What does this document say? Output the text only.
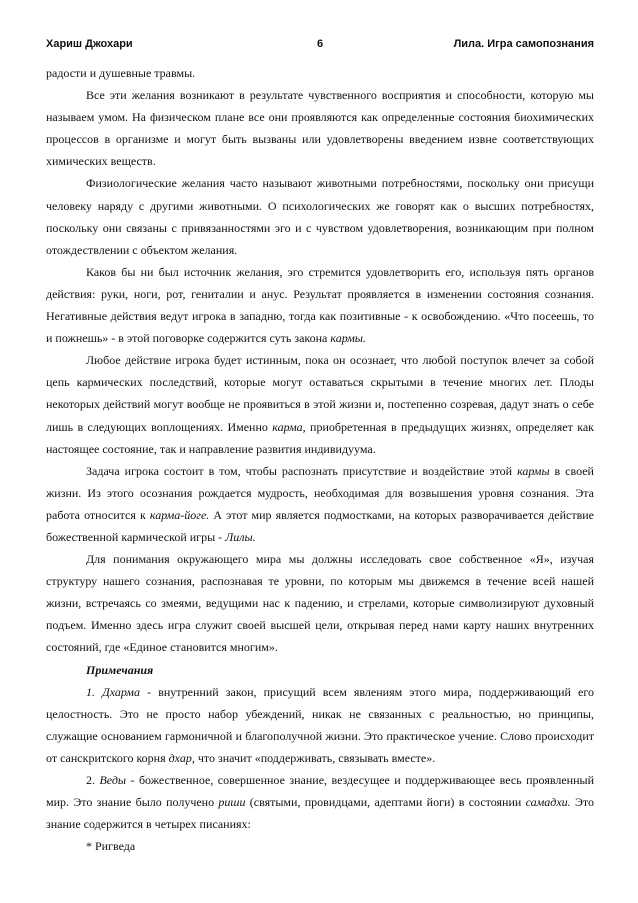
Хариш Джохари	6	Лила. Игра самопознания

радости и душевные травмы.

Все эти желания возникают в результате чувственного восприятия и способности, которую мы называем умом. На физическом плане все они проявляются как определенные состояния биохимических процессов в организме и могут быть вызваны или удовлетворены введением извне соответствующих химических веществ.

Физиологические желания часто называют животными потребностями, поскольку они присущи человеку наряду с другими животными. О психологических же говорят как о высших потребностях, поскольку они связаны с привязанностями эго и с чувством удовлетворения, возникающим при полном отождествлении с объектом желания.

Каков бы ни был источник желания, эго стремится удовлетворить его, используя пять органов действия: руки, ноги, рот, гениталии и анус. Результат проявляется в изменении состояния сознания. Негативные действия ведут игрока в западню, тогда как позитивные - к освобождению. «Что посеешь, то и пожнешь» - в этой поговорке содержится суть закона кармы.

Любое действие игрока будет истинным, пока он осознает, что любой поступок влечет за собой цепь кармических последствий, которые могут оставаться скрытыми в течение многих лет. Плоды некоторых действий могут вообще не проявиться в этой жизни и, постепенно созревая, дадут знать о себе лишь в следующих воплощениях. Именно карма, приобретенная в предыдущих жизнях, определяет как настоящее состояние, так и направление развития индивидуума.

Задача игрока состоит в том, чтобы распознать присутствие и воздействие этой кармы в своей жизни. Из этого осознания рождается мудрость, необходимая для возвышения уровня сознания. Эта работа относится к карма-йоге. А этот мир является подмостками, на которых разворачивается действие божественной кармической игры - Лилы.

Для понимания окружающего мира мы должны исследовать свое собственное «Я», изучая структуру нашего сознания, распознавая те уровни, по которым мы движемся в течение всей нашей жизни, встречаясь со змеями, ведущими нас к падению, и стрелами, которые символизируют духовный подъем. Именно здесь игра служит своей высшей цели, открывая перед нами карту наших внутренних состояний, где «Единое становится многим».

Примечания

1. Дхарма - внутренний закон, присущий всем явлениям этого мира, поддерживающий его целостность. Это не просто набор убеждений, никак не связанных с реальностью, но принципы, служащие основанием гармоничной и благополучной жизни. Это практическое учение. Слово происходит от санскритского корня дхар, что значит «поддерживать, связывать вместе».

2. Веды - божественное, совершенное знание, вездесущее и поддерживающее весь проявленный мир. Это знание было получено риши (святыми, провидцами, адептами йоги) в состоянии самадхи. Это знание содержится в четырех писаниях:

* Ригведа
